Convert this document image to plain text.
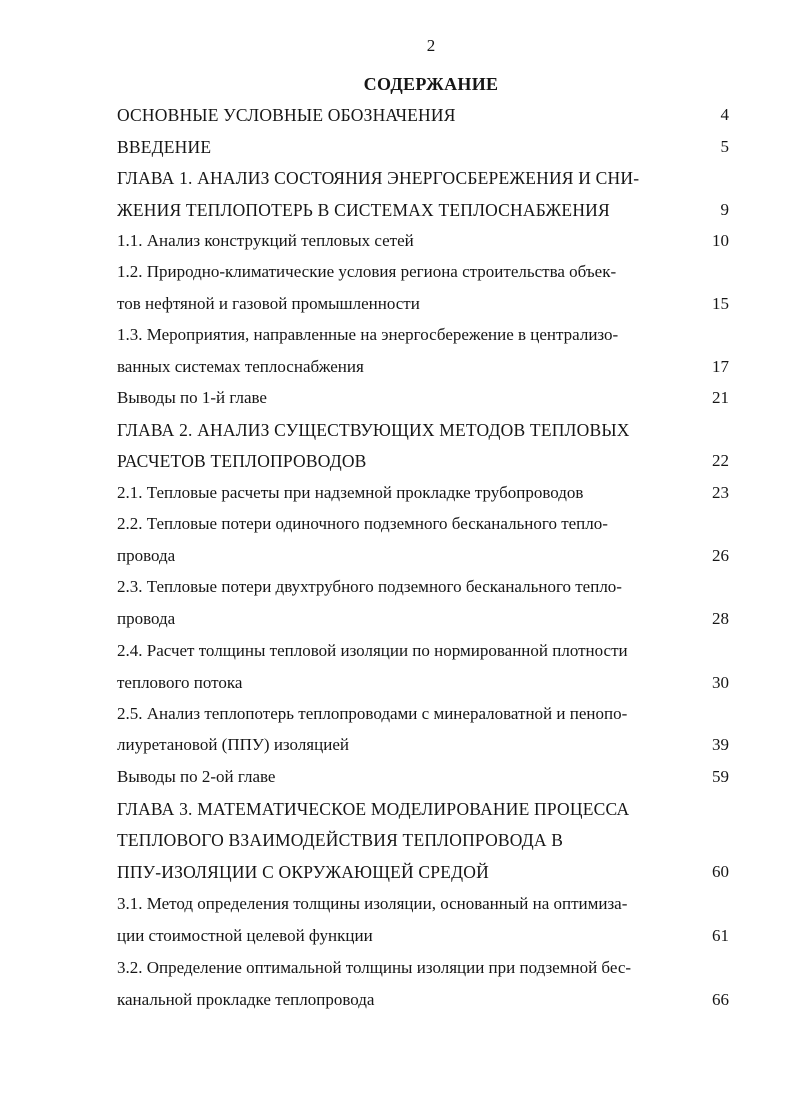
2
СОДЕРЖАНИЕ
ОСНОВНЫЕ УСЛОВНЫЕ ОБОЗНАЧЕНИЯ	4
ВВЕДЕНИЕ	5
ГЛАВА 1. АНАЛИЗ СОСТОЯНИЯ ЭНЕРГОСБЕРЕЖЕНИЯ И СНИ-
ЖЕНИЯ ТЕПЛОПОТЕРЬ В СИСТЕМАХ ТЕПЛОСНАБЖЕНИЯ	9
1.1. Анализ конструкций тепловых сетей	10
1.2. Природно-климатические условия региона строительства объек-
тов нефтяной и газовой промышленности	15
1.3. Мероприятия, направленные на энергосбережение в централизо-
ванных системах теплоснабжения	17
Выводы по 1-й главе	21
ГЛАВА 2. АНАЛИЗ СУЩЕСТВУЮЩИХ МЕТОДОВ ТЕПЛОВЫХ
РАСЧЕТОВ ТЕПЛОПРОВОДОВ	22
2.1. Тепловые расчеты при надземной прокладке трубопроводов	23
2.2. Тепловые потери одиночного подземного бесканального тепло-
провода	26
2.3. Тепловые потери двухтрубного подземного бесканального тепло-
провода	28
2.4. Расчет толщины тепловой изоляции по нормированной плотности
теплового потока	30
2.5. Анализ теплопотерь теплопроводами с минераловатной и пенопо-
лиуретановой (ППУ) изоляцией	39
Выводы по 2-ой главе	59
ГЛАВА 3. МАТЕМАТИЧЕСКОЕ МОДЕЛИРОВАНИЕ ПРОЦЕССА
ТЕПЛОВОГО ВЗАИМОДЕЙСТВИЯ ТЕПЛОПРОВОДА В
ППУ-ИЗОЛЯЦИИ С ОКРУЖАЮЩЕЙ СРЕДОЙ	60
3.1. Метод определения толщины изоляции, основанный на оптимиза-
ции стоимостной целевой функции	61
3.2. Определение оптимальной толщины изоляции при подземной бес-
канальной прокладке теплопровода	66
